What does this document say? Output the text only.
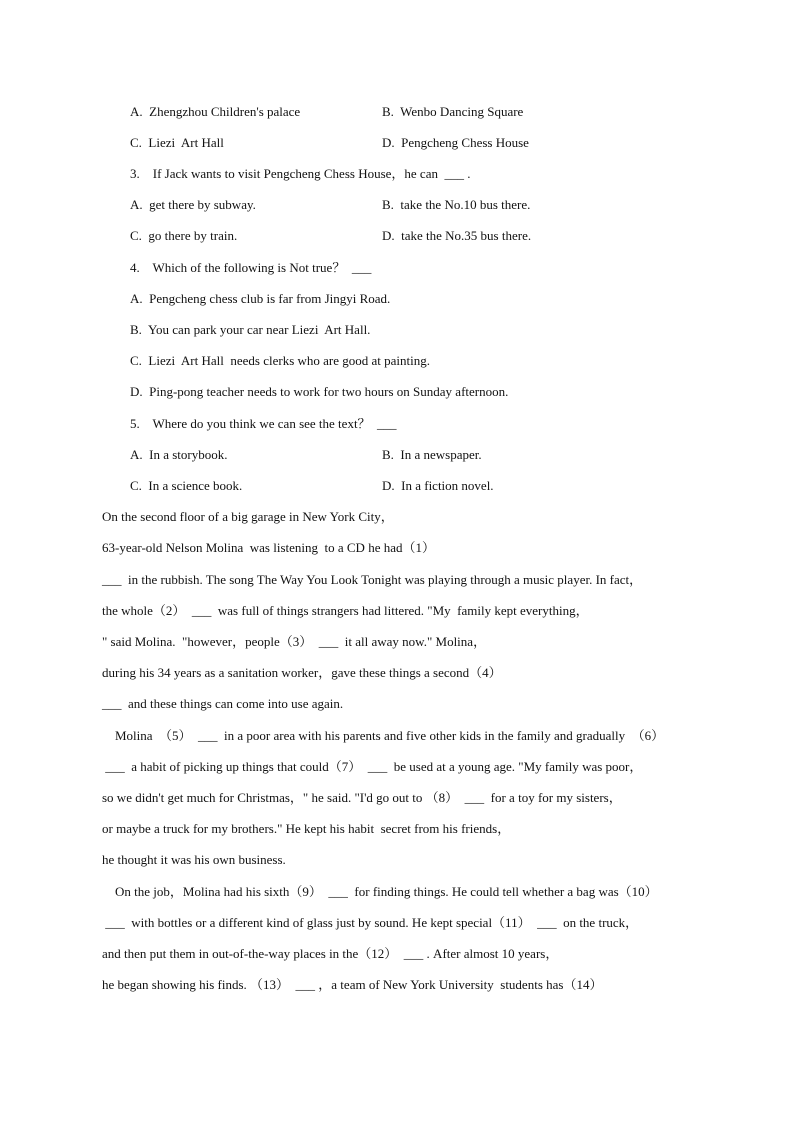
A.  Zhengzhou Children's palace	B.  Wenbo Dancing Square
C.  Liezi  Art Hall	D.  Pengcheng Chess House
3.    If Jack wants to visit Pengcheng Chess House，he can  ___ .
A.  get there by subway.	B.  take the No.10 bus there.
C.  go there by train.	D.  take the No.35 bus there.
4.    Which of the following is Not true？  ___
A.  Pengcheng chess club is far from Jingyi Road.
B.  You can park your car near Liezi  Art Hall.
C.  Liezi  Art Hall  needs clerks who are good at painting.
D.  Ping-pong teacher needs to work for two hours on Sunday afternoon.
5.    Where do you think we can see the text？  ___
A.  In a storybook.	B.  In a newspaper.
C.  In a science book.	D.  In a fiction novel.
On the second floor of a big garage in New York City，
63-year-old Nelson Molina  was listening  to a CD he had（1）
___  in the rubbish. The song The Way You Look Tonight was playing through a music player. In fact，
the whole（2）  ___  was full of things strangers had littered. "My  family kept everything，
" said Molina.  "however，people（3）  ___  it all away now." Molina，
during his 34 years as a sanitation worker，gave these things a second（4）
___  and these things can come into use again.
Molina  （5）  ___  in a poor area with his parents and five other kids in the family and gradually  （6）
___  a habit of picking up things that could（7）  ___  be used at a young age. "My family was poor，
so we didn't get much for Christmas，" he said. "I'd go out to （8）  ___  for a toy for my sisters，
or maybe a truck for my brothers." He kept his habit  secret from his friends，
he thought it was his own business.
On the job，Molina had his sixth（9）  ___  for finding things. He could tell whether a bag was（10）
___  with bottles or a different kind of glass just by sound. He kept special（11）  ___  on the truck，
and then put them in out-of-the-way places in the（12）  ___ . After almost 10 years，
he began showing his finds. （13）  ___ ，a team of New York University  students has（14）
